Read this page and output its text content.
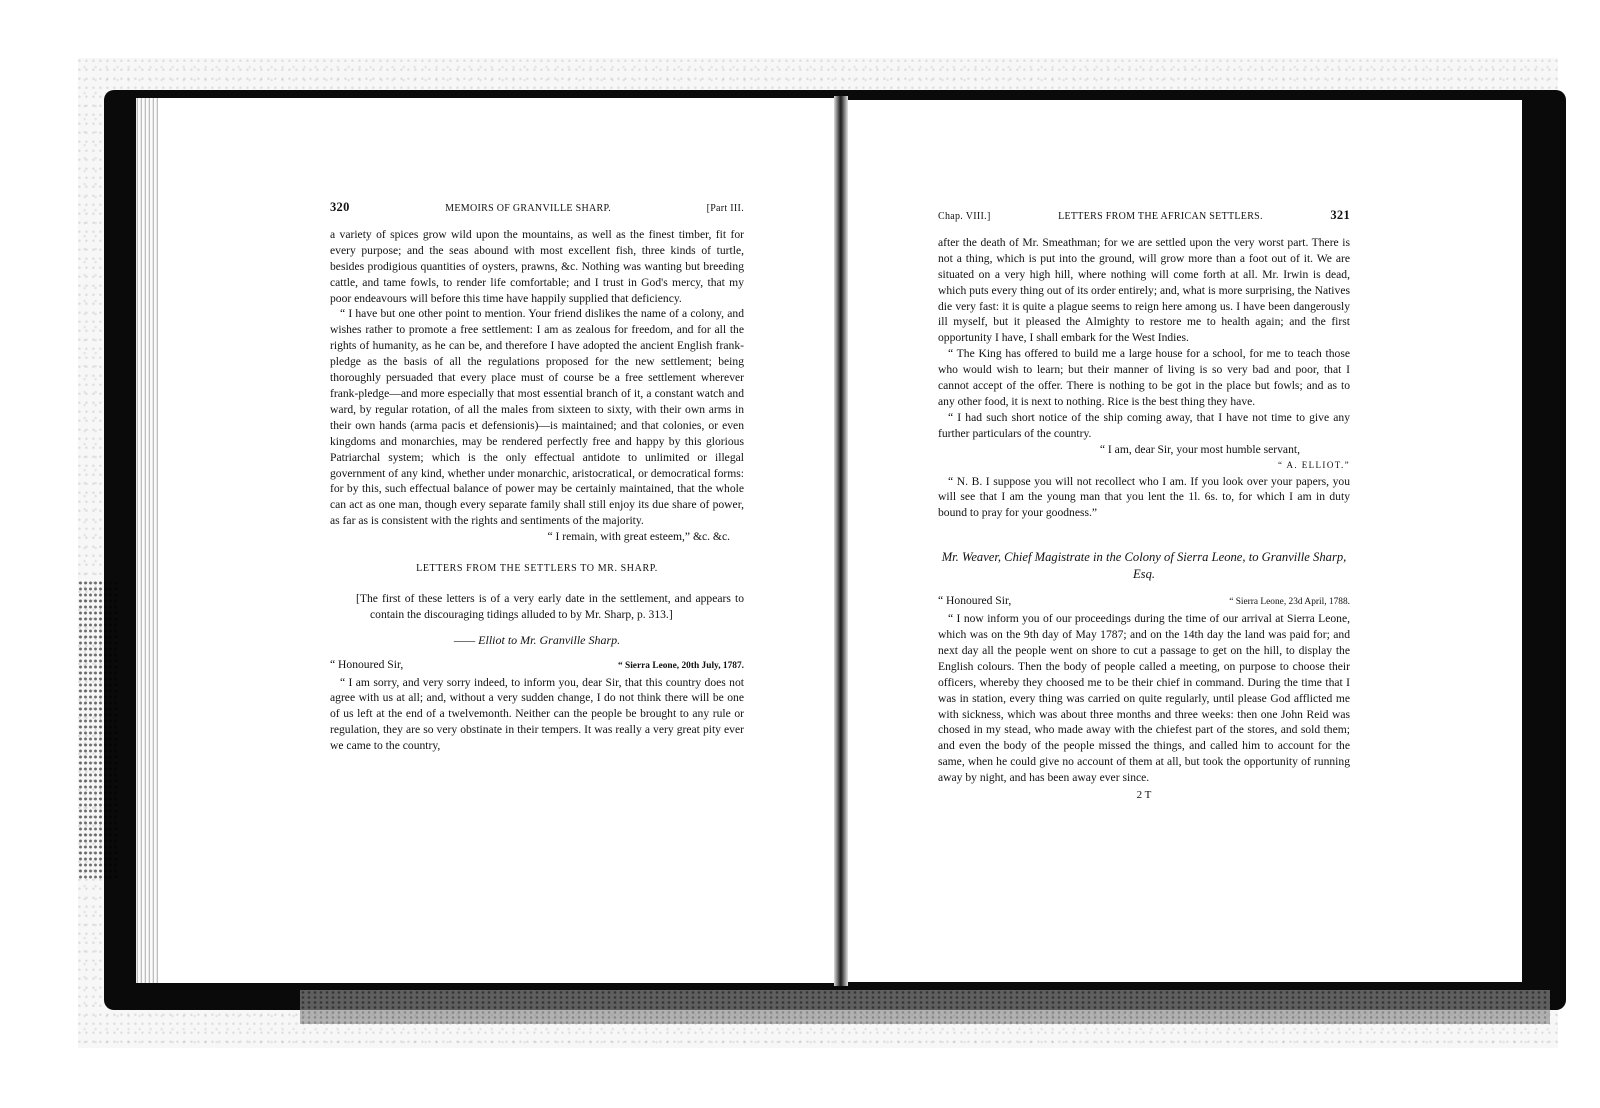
320	MEMOIRS OF GRANVILLE SHARP.	[Part III.

a variety of spices grow wild upon the mountains, as well as the finest timber, fit for every purpose; and the seas abound with most excellent fish, three kinds of turtle, besides prodigious quantities of oysters, prawns, &c. Nothing was wanting but breeding cattle, and tame fowls, to render life comfortable; and I trust in God's mercy, that my poor endeavours will before this time have happily supplied that deficiency.

“ I have but one other point to mention. Your friend dislikes the name of a colony, and wishes rather to promote a free settlement: I am as zealous for freedom, and for all the rights of humanity, as he can be, and therefore I have adopted the ancient English frank-pledge as the basis of all the regulations proposed for the new settlement; being thoroughly persuaded that every place must of course be a free settlement wherever frank-pledge—and more especially that most essential branch of it, a constant watch and ward, by regular rotation, of all the males from sixteen to sixty, with their own arms in their own hands (arma pacis et defensionis)—is maintained; and that colonies, or even kingdoms and monarchies, may be rendered perfectly free and happy by this glorious Patriarchal system; which is the only effectual antidote to unlimited or illegal government of any kind, whether under monarchic, aristocratical, or democratical forms: for by this, such effectual balance of power may be certainly maintained, that the whole can act as one man, though every separate family shall still enjoy its due share of power, as far as is consistent with the rights and sentiments of the majority.

“ I remain, with great esteem,” &c. &c.

LETTERS FROM THE SETTLERS TO MR. SHARP.

[The first of these letters is of a very early date in the settlement, and appears to contain the discouraging tidings alluded to by Mr. Sharp, p. 313.]

—— Elliot to Mr. Granville Sharp.
“ Honoured Sir,	“ Sierra Leone, 20th July, 1787.

“ I am sorry, and very sorry indeed, to inform you, dear Sir, that this country does not agree with us at all; and, without a very sudden change, I do not think there will be one of us left at the end of a twelvemonth. Neither can the people be brought to any rule or regulation, they are so very obstinate in their tempers. It was really a very great pity ever we came to the country,

Chap. VIII.]	LETTERS FROM THE AFRICAN SETTLERS.	321

after the death of Mr. Smeathman; for we are settled upon the very worst part. There is not a thing, which is put into the ground, will grow more than a foot out of it. We are situated on a very high hill, where nothing will come forth at all. Mr. Irwin is dead, which puts every thing out of its order entirely; and, what is more surprising, the Natives die very fast: it is quite a plague seems to reign here among us. I have been dangerously ill myself, but it pleased the Almighty to restore me to health again; and the first opportunity I have, I shall embark for the West Indies.

“ The King has offered to build me a large house for a school, for me to teach those who would wish to learn; but their manner of living is so very bad and poor, that I cannot accept of the offer. There is nothing to be got in the place but fowls; and as to any other food, it is next to nothing. Rice is the best thing they have.

“ I had such short notice of the ship coming away, that I have not time to give any further particulars of the country.

“ I am, dear Sir, your most humble servant,

“ A. ELLIOT.”

“ N. B. I suppose you will not recollect who I am. If you look over your papers, you will see that I am the young man that you lent the 1l. 6s. to, for which I am in duty bound to pray for your goodness.”

Mr. Weaver, Chief Magistrate in the Colony of Sierra Leone, to Granville Sharp, Esq.
“ Honoured Sir,	“ Sierra Leone, 23d April, 1788.

“ I now inform you of our proceedings during the time of our arrival at Sierra Leone, which was on the 9th day of May 1787; and on the 14th day the land was paid for; and next day all the people went on shore to cut a passage to get on the hill, to display the English colours. Then the body of people called a meeting, on purpose to choose their officers, whereby they choosed me to be their chief in command. During the time that I was in station, every thing was carried on quite regularly, until please God afflicted me with sickness, which was about three months and three weeks: then one John Reid was chosed in my stead, who made away with the chiefest part of the stores, and sold them; and even the body of the people missed the things, and called him to account for the same, when he could give no account of them at all, but took the opportunity of running away by night, and has been away ever since.

2 T
